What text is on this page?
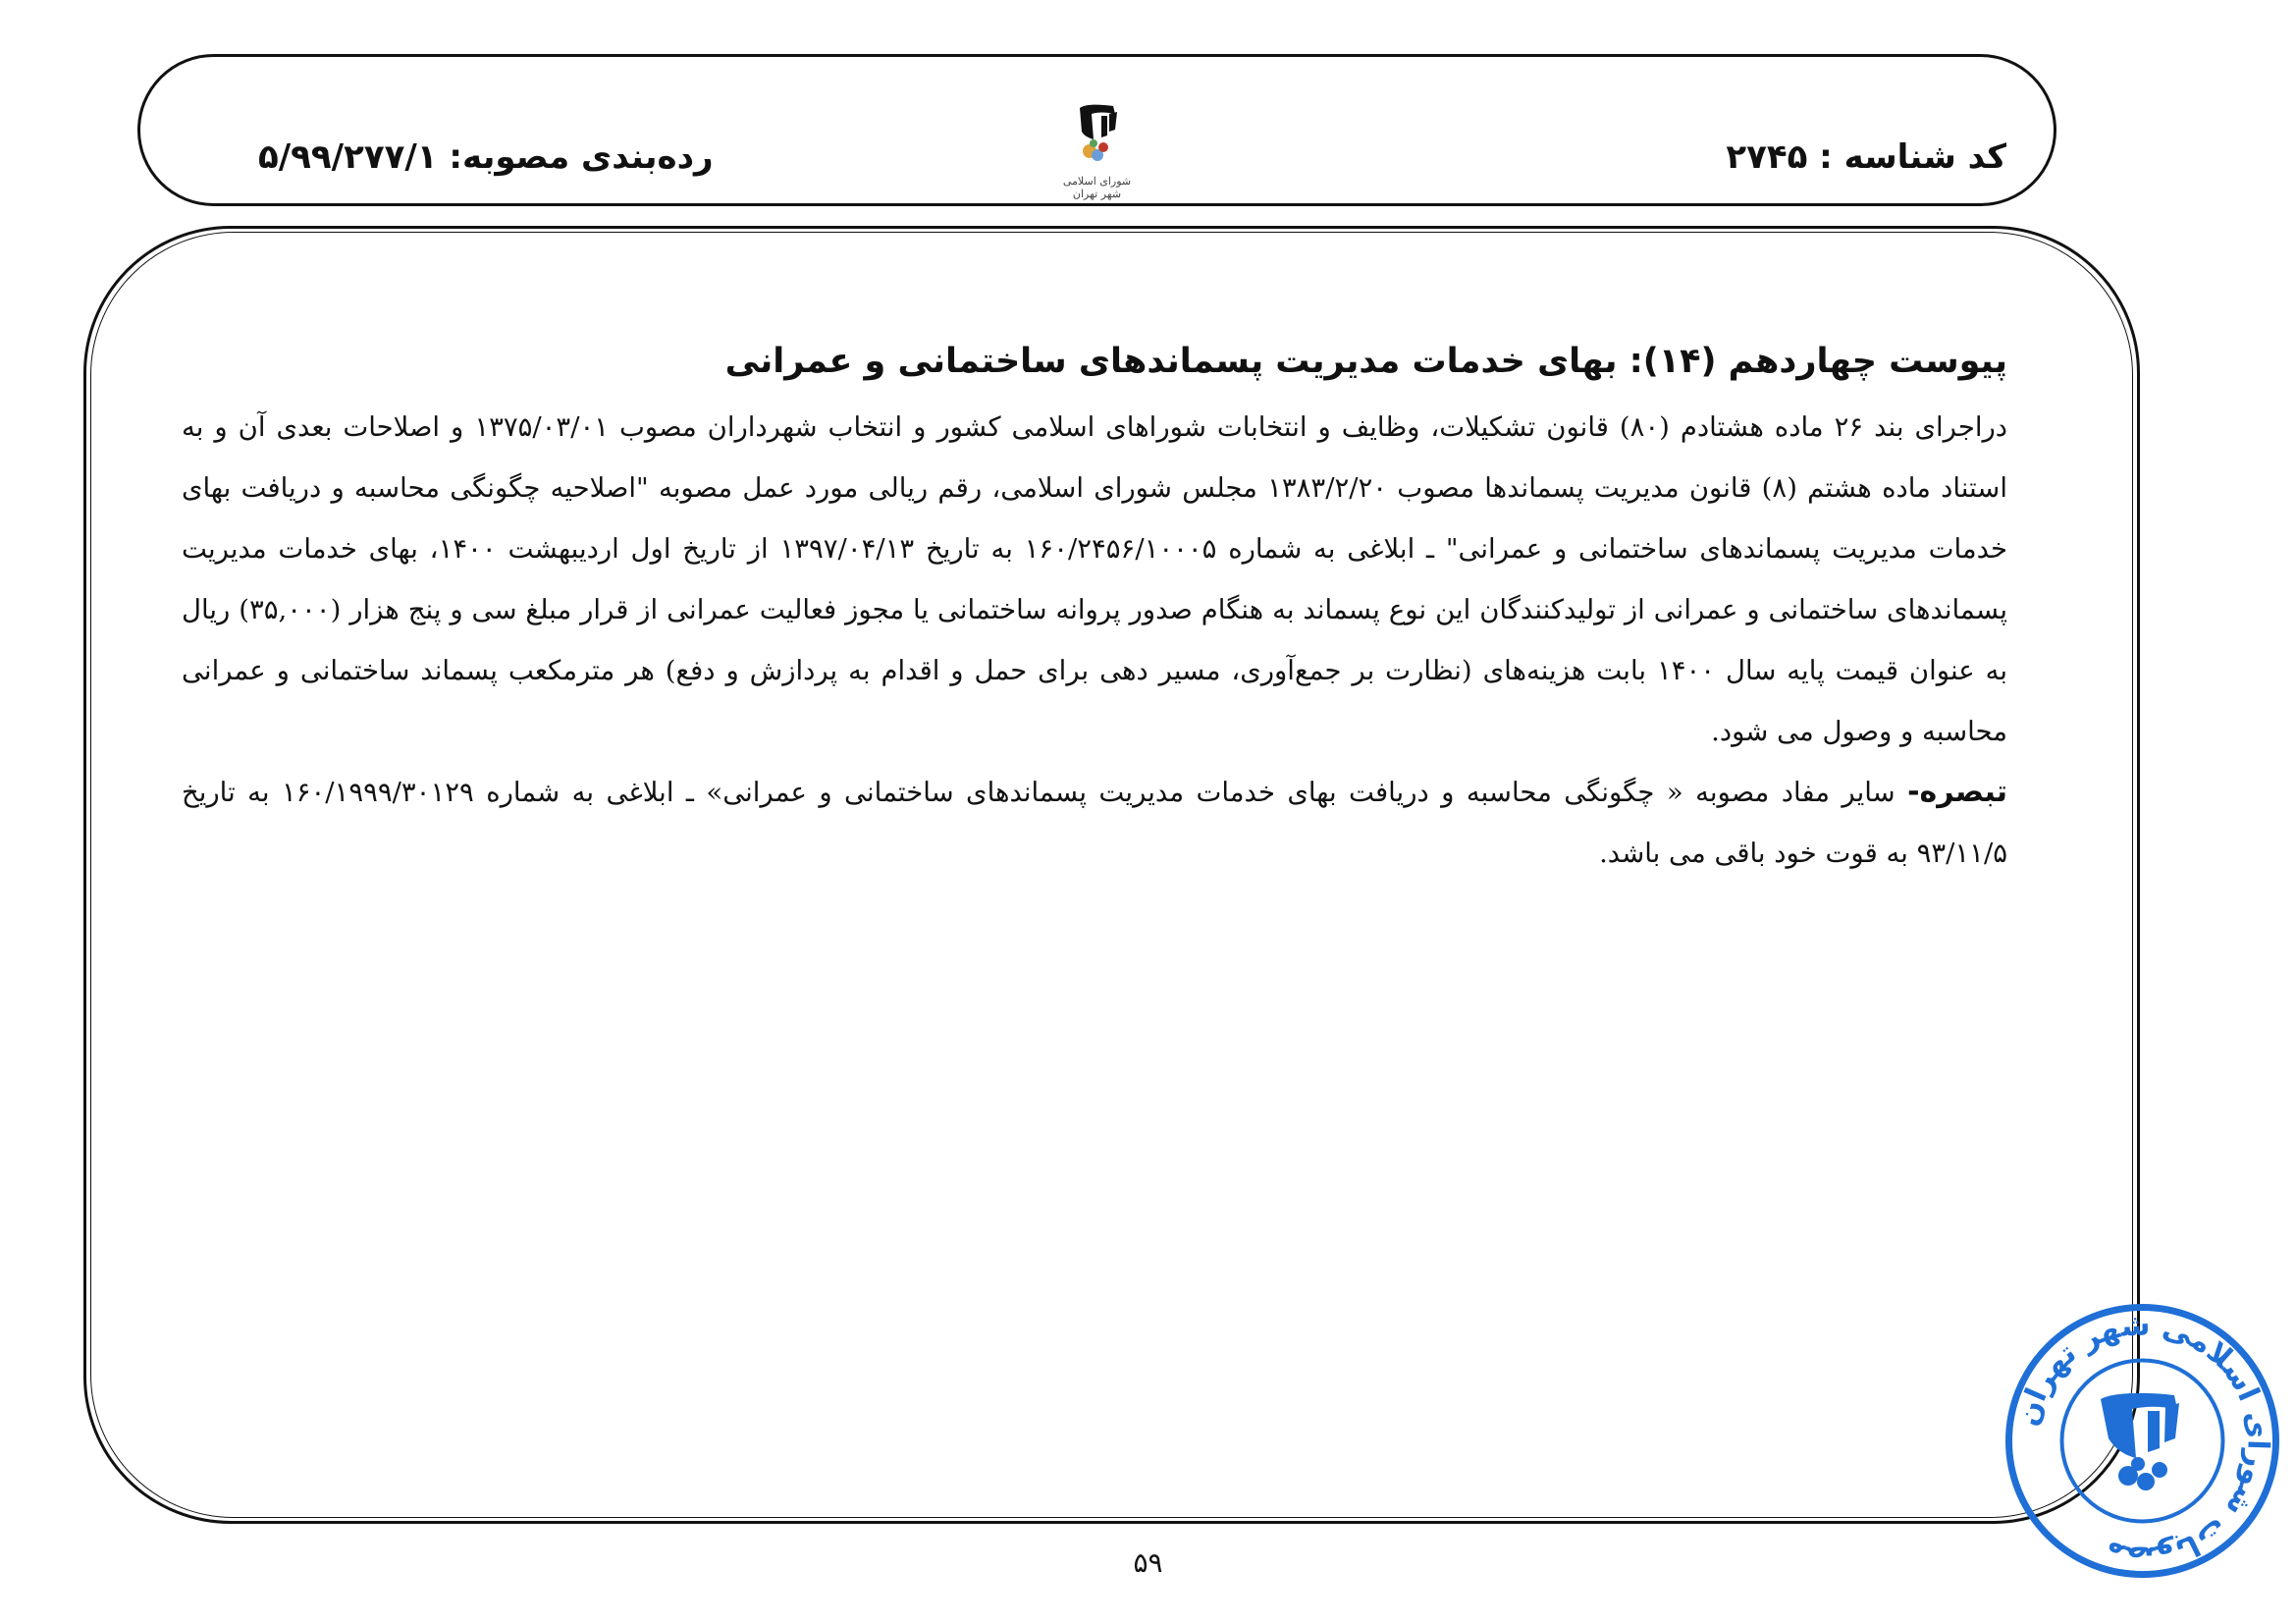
کد شناسه : ۲۷۴۵
رده‌بندی مصوبه: ۵/۹۹/۲۷۷/۱
شورای اسلامی شهر تهران
پیوست چهاردهم (۱۴): بهای خدمات مدیریت پسماندهای ساختمانی و عمرانی

دراجرای بند ۲۶ ماده هشتادم (۸۰) قانون تشکیلات، وظایف و انتخابات شوراهای اسلامی کشور و انتخاب شهرداران مصوب ۱۳۷۵/۰۳/۰۱ و اصلاحات بعدی آن و به استناد ماده هشتم (۸) قانون مدیریت پسماندها مصوب ۱۳۸۳/۲/۲۰ مجلس شورای اسلامی، رقم ریالی مورد عمل مصوبه "اصلاحیه چگونگی محاسبه و دریافت بهای خدمات مدیریت پسماندهای ساختمانی و عمرانی" ـ ابلاغی به شماره ۱۶۰/۲۴۵۶/۱۰۰۰۵ به تاریخ ۱۳۹۷/۰۴/۱۳ از تاریخ اول اردیبهشت ۱۴۰۰، بهای خدمات مدیریت پسماندهای ساختمانی و عمرانی از تولیدکنندگان این نوع پسماند به هنگام صدور پروانه ساختمانی یا مجوز فعالیت عمرانی از قرار مبلغ سی و پنج هزار (۳۵,۰۰۰) ریال به عنوان قیمت پایه سال ۱۴۰۰ بابت هزینه‌های (نظارت بر جمع‌آوری، مسیر دهی برای حمل و اقدام به پردازش و دفع) هر مترمکعب پسماند ساختمانی و عمرانی محاسبه و وصول می شود.

تبصره- سایر مفاد مصوبه « چگونگی محاسبه و دریافت بهای خدمات مدیریت پسماندهای ساختمانی و عمرانی» ـ ابلاغی به شماره ۱۶۰/۱۹۹۹/۳۰۱۲۹ به تاریخ ۹۳/۱۱/۵ به قوت خود باقی می باشد.

۵۹
مصوبات شورای اسلامی شهر تهران
